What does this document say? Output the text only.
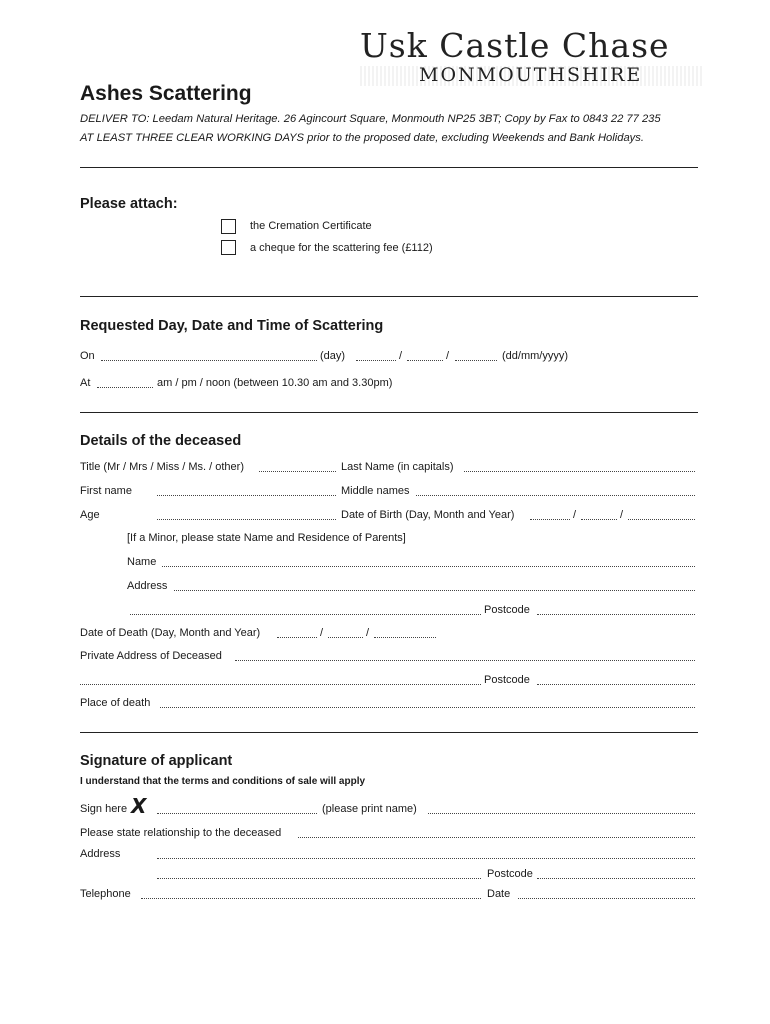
Usk Castle Chase
MONMOUTHSHIRE
Ashes Scattering
DELIVER TO: Leedam Natural Heritage. 26 Agincourt Square, Monmouth NP25 3BT; Copy by Fax to 0843 22 77 235
AT LEAST THREE CLEAR WORKING DAYS prior to the proposed date, excluding Weekends and Bank Holidays.
Please attach:
the Cremation Certificate
a cheque for the scattering fee (£112)
Requested Day, Date and Time of Scattering
On	(day)	/	/	(dd/mm/yyyy)
At	am / pm / noon (between 10.30 am and 3.30pm)
Details of the deceased
Title (Mr / Mrs / Miss / Ms. / other)	Last Name (in capitals)
First name	Middle names
Age	Date of Birth (Day, Month and Year)	/	/
[If a Minor, please state Name and Residence of Parents]
Name
Address
Postcode
Date of Death (Day, Month and Year)	/	/
Private Address of Deceased
Postcode
Place of death
Signature of applicant
I understand that the terms and conditions of sale will apply
Sign here X	(please print name)
Please state relationship to the deceased
Address
Postcode
Telephone	Date
